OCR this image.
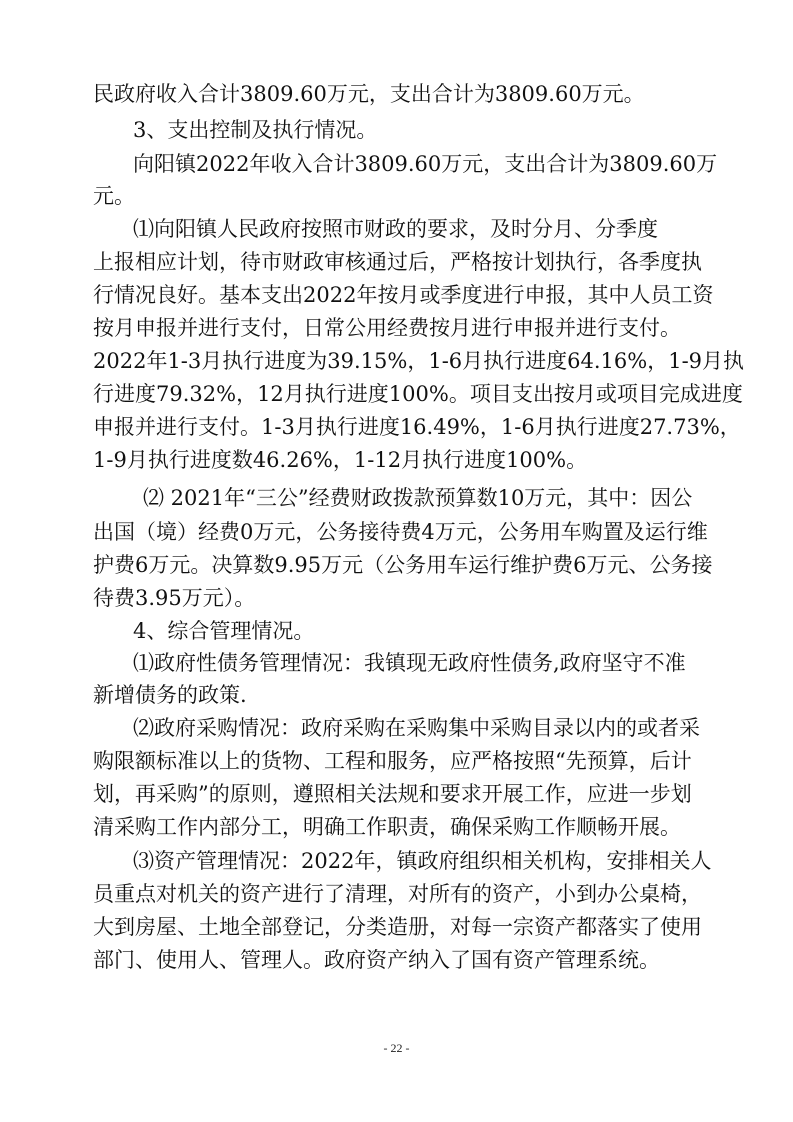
民政府收入合计3809.60万元，支出合计为3809.60万元。
3、支出控制及执行情况。
向阳镇2022年收入合计3809.60万元，支出合计为3809.60万
元。
⑴向阳镇人民政府按照市财政的要求，及时分月、分季度
上报相应计划，待市财政审核通过后，严格按计划执行，各季度执
行情况良好。基本支出2022年按月或季度进行申报，其中人员工资
按月申报并进行支付，日常公用经费按月进行申报并进行支付。
2022年1-3月执行进度为39.15%，1-6月执行进度64.16%，1-9月执
行进度79.32%，12月执行进度100%。项目支出按月或项目完成进度
申报并进行支付。1-3月执行进度16.49%，1-6月执行进度27.73%，
1-9月执行进度数46.26%，1-12月执行进度100%。
⑵ 2021年“三公”经费财政拨款预算数10万元，其中：因公
出国（境）经费0万元，公务接待费4万元，公务用车购置及运行维
护费6万元。决算数9.95万元（公务用车运行维护费6万元、公务接
待费3.95万元）。
4、综合管理情况。
⑴政府性债务管理情况：我镇现无政府性债务,政府坚守不准
新增债务的政策.
⑵政府采购情况：政府采购在采购集中采购目录以内的或者采
购限额标准以上的货物、工程和服务，应严格按照“先预算，后计
划，再采购”的原则，遵照相关法规和要求开展工作，应进一步划
清采购工作内部分工，明确工作职责，确保采购工作顺畅开展。
⑶资产管理情况：2022年，镇政府组织相关机构，安排相关人
员重点对机关的资产进行了清理，对所有的资产，小到办公桌椅，
大到房屋、土地全部登记，分类造册，对每一宗资产都落实了使用
部门、使用人、管理人。政府资产纳入了国有资产管理系统。
- 22 -
